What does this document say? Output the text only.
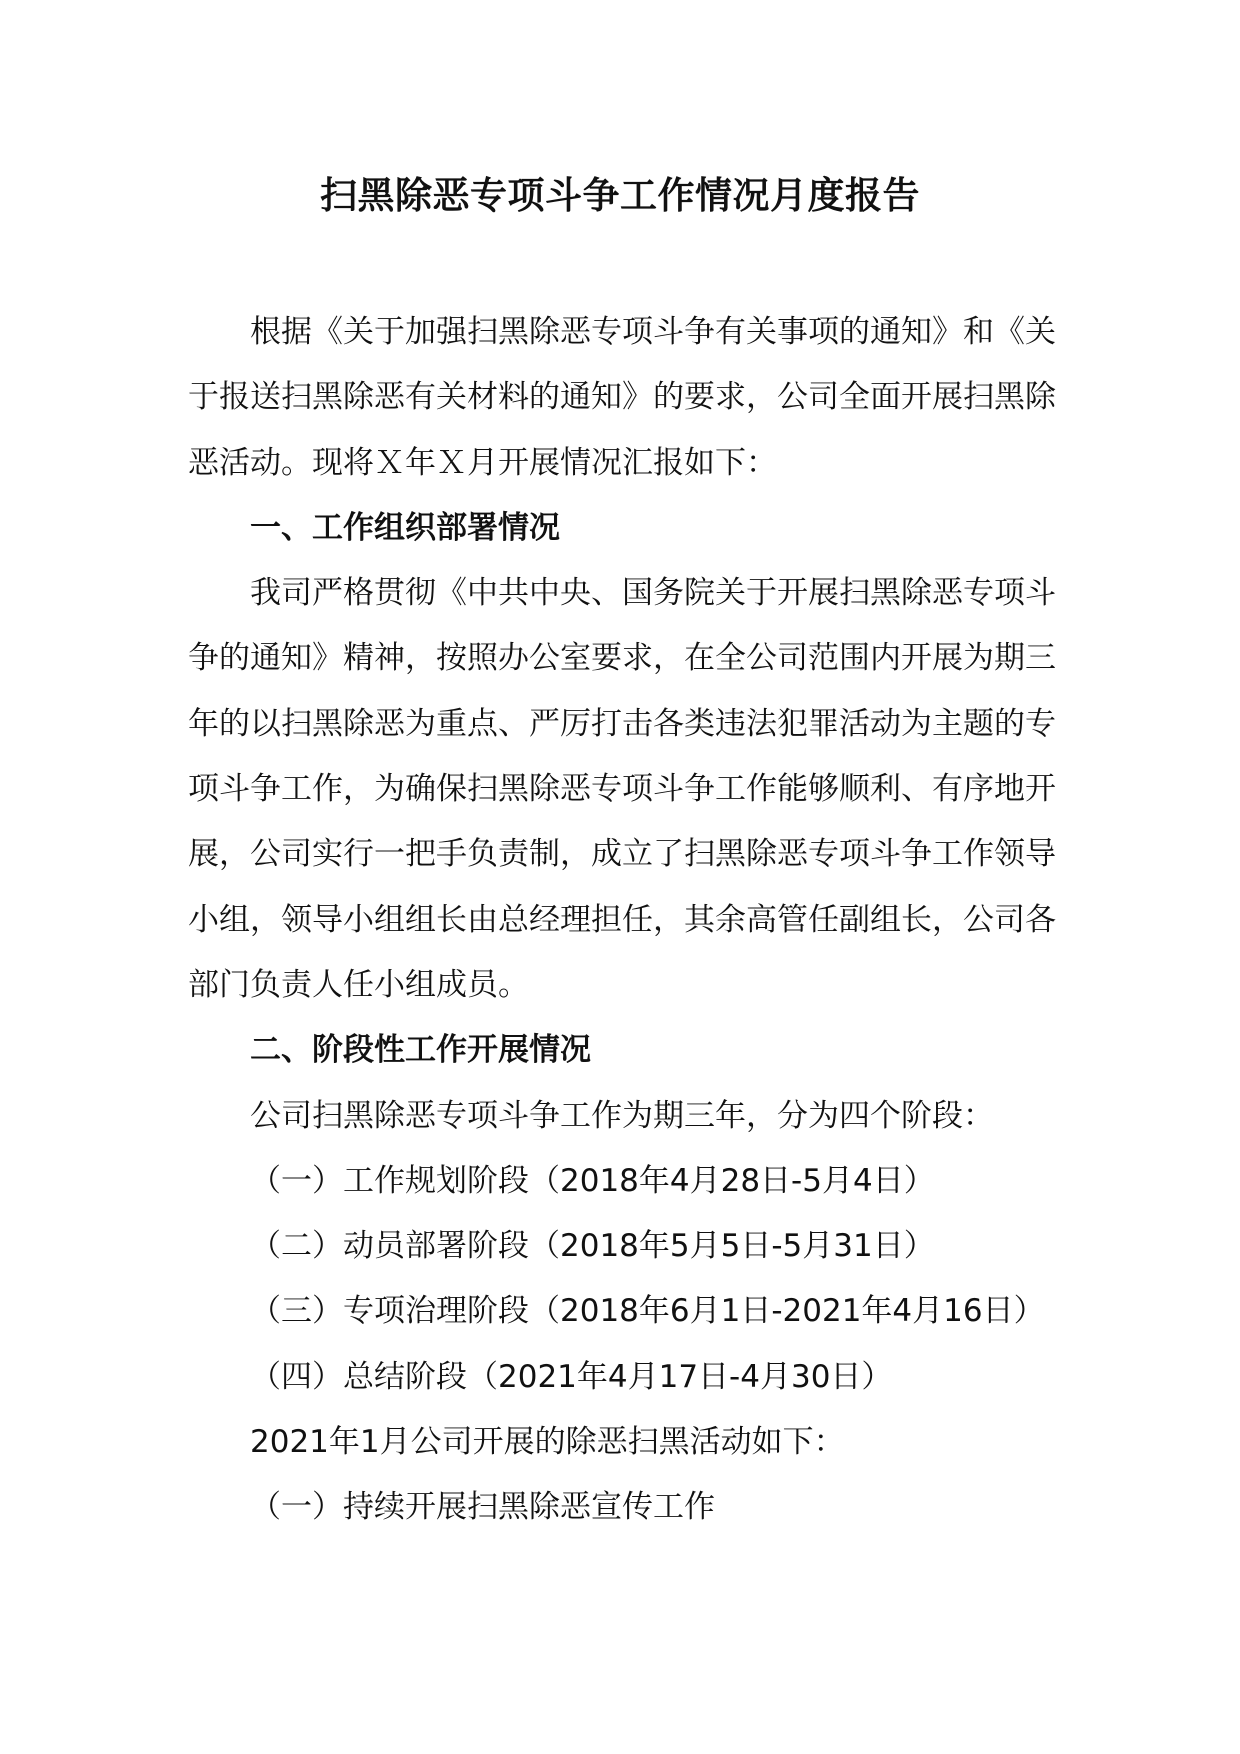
扫黑除恶专项斗争工作情况月度报告

根据《关于加强扫黑除恶专项斗争有关事项的通知》和《关于报送扫黑除恶有关材料的通知》的要求，公司全面开展扫黑除恶活动。现将Ｘ年Ｘ月开展情况汇报如下：

一、工作组织部署情况

我司严格贯彻《中共中央、国务院关于开展扫黑除恶专项斗争的通知》精神，按照办公室要求，在全公司范围内开展为期三年的以扫黑除恶为重点、严厉打击各类违法犯罪活动为主题的专项斗争工作，为确保扫黑除恶专项斗争工作能够顺利、有序地开展，公司实行一把手负责制，成立了扫黑除恶专项斗争工作领导小组，领导小组组长由总经理担任，其余高管任副组长，公司各部门负责人任小组成员。

二、阶段性工作开展情况

公司扫黑除恶专项斗争工作为期三年，分为四个阶段：

（一）工作规划阶段（2018年4月28日-5月4日）

（二）动员部署阶段（2018年5月5日-5月31日）

（三）专项治理阶段（2018年6月1日-2021年4月16日）

（四）总结阶段（2021年4月17日-4月30日）

2021年1月公司开展的除恶扫黑活动如下：

（一）持续开展扫黑除恶宣传工作
